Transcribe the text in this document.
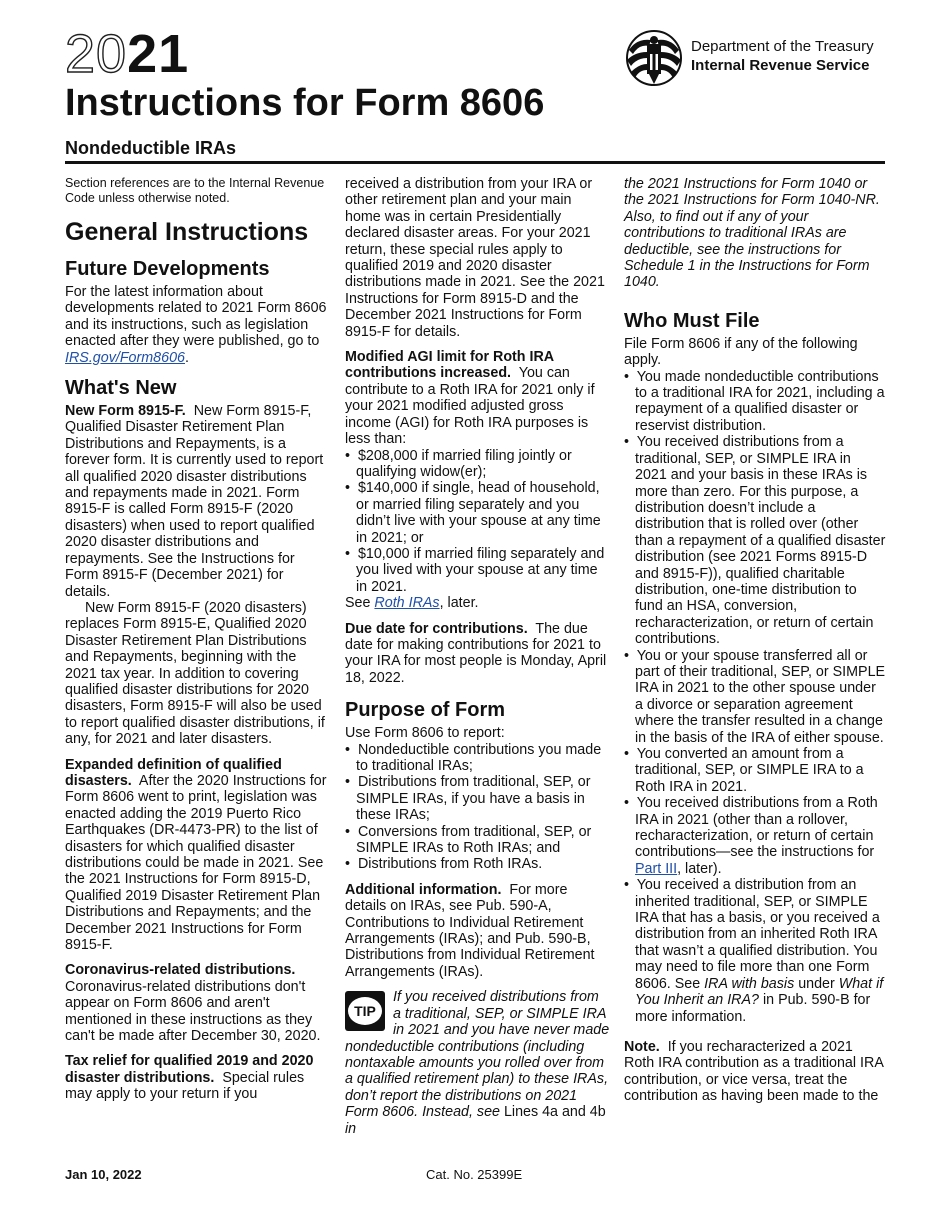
2021
Instructions for Form 8606
Nondeductible IRAs
Department of the Treasury
Internal Revenue Service

Section references are to the Internal Revenue Code unless otherwise noted.

General Instructions
Future Developments

For the latest information about developments related to 2021 Form 8606 and its instructions, such as legislation enacted after they were published, go to IRS.gov/Form8606.

What's New

New Form 8915-F. New Form 8915-F, Qualified Disaster Retirement Plan Distributions and Repayments, is a forever form. It is currently used to report all qualified 2020 disaster distributions and repayments made in 2021. Form 8915-F is called Form 8915-F (2020 disasters) when used to report qualified 2020 disaster distributions and repayments. See the Instructions for Form 8915-F (December 2021) for details.

New Form 8915-F (2020 disasters) replaces Form 8915-E, Qualified 2020 Disaster Retirement Plan Distributions and Repayments, beginning with the 2021 tax year. In addition to covering qualified disaster distributions for 2020 disasters, Form 8915-F will also be used to report qualified disaster distributions, if any, for 2021 and later disasters.

Expanded definition of qualified disasters. After the 2020 Instructions for Form 8606 went to print, legislation was enacted adding the 2019 Puerto Rico Earthquakes (DR-4473-PR) to the list of disasters for which qualified disaster distributions could be made in 2021. See the 2021 Instructions for Form 8915-D, Qualified 2019 Disaster Retirement Plan Distributions and Repayments; and the December 2021 Instructions for Form 8915-F.

Coronavirus-related distributions. Coronavirus-related distributions don't appear on Form 8606 and aren't mentioned in these instructions as they can't be made after December 30, 2020.

Tax relief for qualified 2019 and 2020 disaster distributions. Special rules may apply to your return if you

received a distribution from your IRA or other retirement plan and your main home was in certain Presidentially declared disaster areas. For your 2021 return, these special rules apply to qualified 2019 and 2020 disaster distributions made in 2021. See the 2021 Instructions for Form 8915-D and the December 2021 Instructions for Form 8915-F for details.

Modified AGI limit for Roth IRA contributions increased. You can contribute to a Roth IRA for 2021 only if your 2021 modified adjusted gross income (AGI) for Roth IRA purposes is less than:

•  $208,000 if married filing jointly or qualifying widow(er);

•  $140,000 if single, head of household, or married filing separately and you didn’t live with your spouse at any time in 2021; or

•  $10,000 if married filing separately and you lived with your spouse at any time in 2021.

See Roth IRAs, later.

Due date for contributions. The due date for making contributions for 2021 to your IRA for most people is Monday, April 18, 2022.

Purpose of Form

Use Form 8606 to report:

•  Nondeductible contributions you made to traditional IRAs;

•  Distributions from traditional, SEP, or SIMPLE IRAs, if you have a basis in these IRAs;

•  Conversions from traditional, SEP, or SIMPLE IRAs to Roth IRAs; and

•  Distributions from Roth IRAs.

Additional information. For more details on IRAs, see Pub. 590-A, Contributions to Individual Retirement Arrangements (IRAs); and Pub. 590-B, Distributions from Individual Retirement Arrangements (IRAs).

TIP

If you received distributions from a traditional, SEP, or SIMPLE IRA in 2021 and you have never made nondeductible contributions (including nontaxable amounts you rolled over from a qualified retirement plan) to these IRAs, don’t report the distributions on 2021 Form 8606. Instead, see Lines 4a and 4b in

the 2021 Instructions for Form 1040 or the 2021 Instructions for Form 1040-NR. Also, to find out if any of your contributions to traditional IRAs are deductible, see the instructions for Schedule 1 in the Instructions for Form 1040.

Who Must File

File Form 8606 if any of the following apply.

•  You made nondeductible contributions to a traditional IRA for 2021, including a repayment of a qualified disaster or reservist distribution.

•  You received distributions from a traditional, SEP, or SIMPLE IRA in 2021 and your basis in these IRAs is more than zero. For this purpose, a distribution doesn’t include a distribution that is rolled over (other than a repayment of a qualified disaster distribution (see 2021 Forms 8915-D and 8915-F)), qualified charitable distribution, one-time distribution to fund an HSA, conversion, recharacterization, or return of certain contributions.

•  You or your spouse transferred all or part of their traditional, SEP, or SIMPLE IRA in 2021 to the other spouse under a divorce or separation agreement where the transfer resulted in a change in the basis of the IRA of either spouse.

•  You converted an amount from a traditional, SEP, or SIMPLE IRA to a Roth IRA in 2021.

•  You received distributions from a Roth IRA in 2021 (other than a rollover, recharacterization, or return of certain contributions—see the instructions for Part III, later).

•  You received a distribution from an inherited traditional, SEP, or SIMPLE IRA that has a basis, or you received a distribution from an inherited Roth IRA that wasn’t a qualified distribution. You may need to file more than one Form 8606. See IRA with basis under What if You Inherit an IRA? in Pub. 590-B for more information.

Note. If you recharacterized a 2021 Roth IRA contribution as a traditional IRA contribution, or vice versa, treat the contribution as having been made to the

Jan 10, 2022	Cat. No. 25399E
